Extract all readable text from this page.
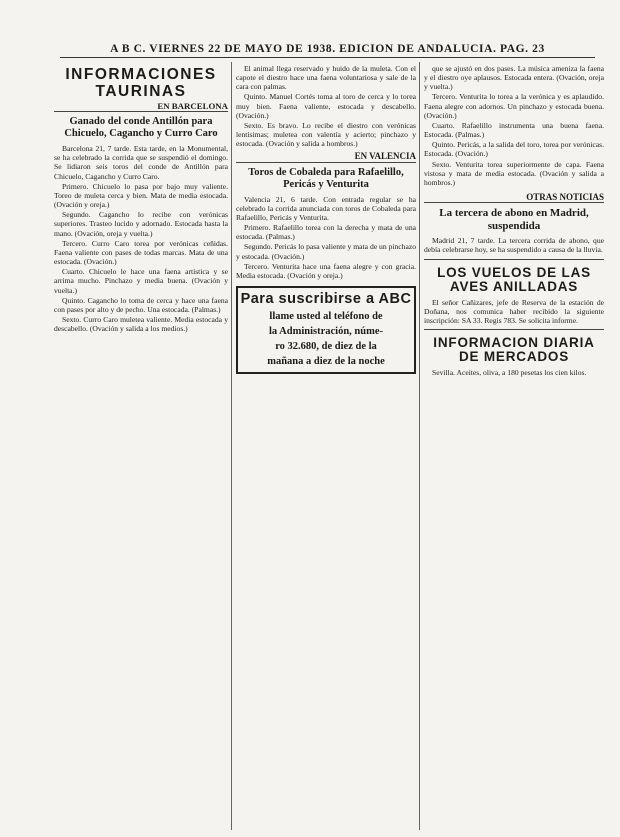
A B C. VIERNES 22 DE MAYO DE 1938. EDICION DE ANDALUCIA. PAG. 23
INFORMACIONES TAURINAS
EN BARCELONA
Ganado del conde Antillón para Chicuelo, Cagancho y Curro Caro

Barcelona 21, 7 tarde. Esta tarde, en la Monumental, se ha celebrado la corrida que se suspendió el domingo. Se lidiaron seis toros del conde de Antillón para Chicuelo, Cagancho y Curro Caro.

Primero. Chicuelo lo pasa por bajo muy valiente. Toreo de muleta cerca y bien. Mata de media estocada. (Ovación y oreja.)

Segundo. Cagancho lo recibe con verónicas superiores. Trasteo lucido y adornado. Estocada hasta la mano. (Ovación, oreja y vuelta.)

Tercero. Curro Caro torea por verónicas ceñidas. Faena valiente con pases de todas marcas. Mata de una estocada. (Ovación.)

Cuarto. Chicuelo le hace una faena artística y se arrima mucho. Pinchazo y media buena. (Ovación y vuelta.)

Quinto. Cagancho lo toma de cerca y hace una faena con pases por alto y de pecho. Una estocada. (Palmas.)

Sexto. Curro Caro muletea valiente. Media estocada y descabello. (Ovación y salida a los medios.)

El animal llega reservado y huido de la muleta. Con el capote el diestro hace una faena voluntariosa y sale de la cara con palmas.

Quinto. Manuel Cortés toma al toro de cerca y lo torea muy bien. Faena valiente, estocada y descabello. (Ovación.)

Sexto. Es bravo. Lo recibe el diestro con verónicas lentísimas; muletea con valentía y acierto; pinchazo y estocada. (Ovación y salida a hombros.)

EN VALENCIA
Toros de Cobaleda para Rafaelillo, Pericás y Venturita

Valencia 21, 6 tarde. Con entrada regular se ha celebrado la corrida anunciada con toros de Cobaleda para Rafaelillo, Pericás y Venturita.

Primero. Rafaelillo torea con la derecha y mata de una estocada. (Palmas.)

Segundo. Pericás lo pasa valiente y mata de un pinchazo y estocada. (Ovación.)

Tercero. Venturita hace una faena alegre y con gracia. Media estocada. (Ovación y oreja.)

Para suscribirse a ABC

llame usted al teléfono de

la Administración, núme-

ro 32.680, de diez de la

mañana a diez de la noche

que se ajustó en dos pases. La música ameniza la faena y el diestro oye aplausos. Estocada entera. (Ovación, oreja y vuelta.)

Tercero. Venturita lo torea a la verónica y es aplaudido. Faena alegre con adornos. Un pinchazo y estocada buena. (Ovación.)

Cuarto. Rafaelillo instrumenta una buena faena. Estocada. (Palmas.)

Quinto. Pericás, a la salida del toro, torea por verónicas. Estocada. (Ovación.)

Sexto. Venturita torea superiormente de capa. Faena vistosa y mata de media estocada. (Ovación y salida a hombros.)

OTRAS NOTICIAS
La tercera de abono en Madrid, suspendida

Madrid 21, 7 tarde. La tercera corrida de abono, que debía celebrarse hoy, se ha suspendido a causa de la lluvia.

LOS VUELOS DE LAS AVES ANILLADAS

El señor Cañizares, jefe de Reserva de la estación de Doñana, nos comunica haber recibido la siguiente inscripción: SA 33. Regis 783. Se solicita informe.

INFORMACION DIARIA DE MERCADOS

Sevilla. Aceites, oliva, a 180 pesetas los cien kilos.
